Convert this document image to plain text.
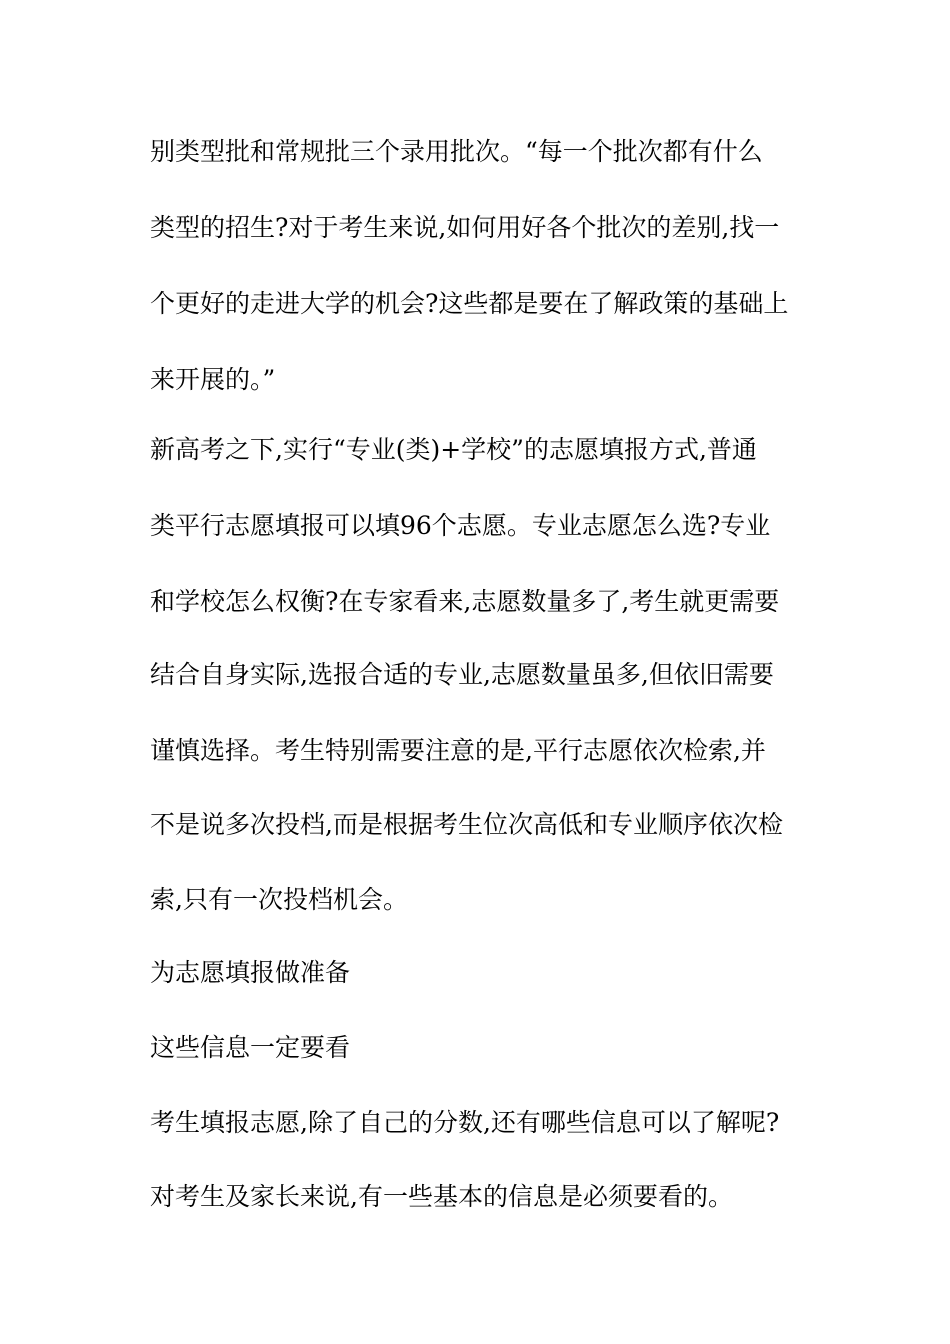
别类型批和常规批三个录用批次。“每一个批次都有什么
类型的招生?对于考生来说,如何用好各个批次的差别,找一
个更好的走进大学的机会?这些都是要在了解政策的基础上
来开展的。”
新高考之下,实行“专业(类)+学校”的志愿填报方式,普通
类平行志愿填报可以填96个志愿。专业志愿怎么选?专业
和学校怎么权衡?在专家看来,志愿数量多了,考生就更需要
结合自身实际,选报合适的专业,志愿数量虽多,但依旧需要
谨慎选择。考生特别需要注意的是,平行志愿依次检索,并
不是说多次投档,而是根据考生位次高低和专业顺序依次检
索,只有一次投档机会。
为志愿填报做准备
这些信息一定要看
考生填报志愿,除了自己的分数,还有哪些信息可以了解呢?
对考生及家长来说,有一些基本的信息是必须要看的。
